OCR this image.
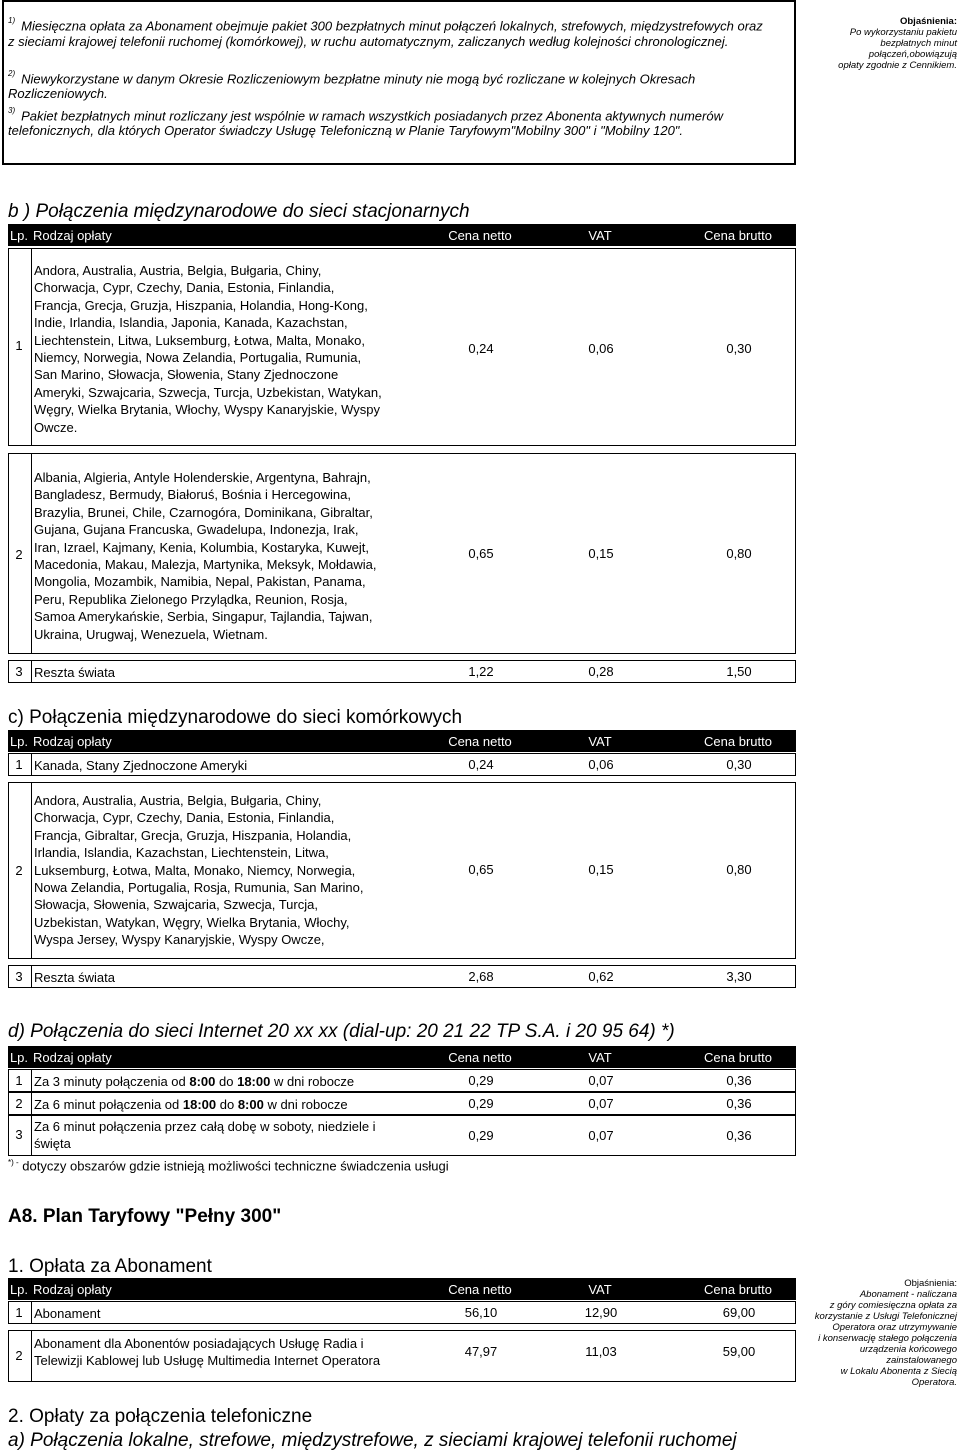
$^{1)}$ Miesięczna opłata za Abonament obejmuje pakiet 300 bezpłatnych minut połączeń lokalnych, strefowych, międzystrefowych oraz
z sieciami krajowej telefonii ruchomej (komórkowej), w ruchu automatycznym, zaliczanych według kolejności chronologicznej.
$^{2)}$ Niewykorzystane w danym Okresie Rozliczeniowym bezpłatne minuty nie mogą być rozliczane w kolejnych Okresach
Rozliczeniowych.
$^{3)}$ Pakiet bezpłatnych minut rozliczany jest wspólnie w ramach wszystkich posiadanych przez Abonenta aktywnych numerów
telefonicznych, dla których Operator świadczy Usługę Telefoniczną w Planie Taryfowym"Mobilny 300" i "Mobilny 120".
Objaśnienia:
Po wykorzystaniu pakietu
bezpłatnych minut
połączeń,obowiązują
opłaty zgodnie z Cennikiem.
b ) Połączenia międzynarodowe do sieci stacjonarnych
Lp. Rodzaj opłaty	Cena netto	VAT	Cena brutto
1
Andora, Australia, Austria, Belgia, Bułgaria, Chiny,
Chorwacja, Cypr, Czechy, Dania, Estonia, Finlandia,
Francja, Grecja, Gruzja, Hiszpania, Holandia, Hong-Kong,
Indie, Irlandia, Islandia, Japonia, Kanada, Kazachstan,
Liechtenstein, Litwa, Luksemburg, Łotwa, Malta, Monako,
Niemcy, Norwegia, Nowa Zelandia, Portugalia, Rumunia,
San Marino, Słowacja, Słowenia, Stany Zjednoczone
Ameryki, Szwajcaria, Szwecja, Turcja, Uzbekistan, Watykan,
Węgry, Wielka Brytania, Włochy, Wyspy Kanaryjskie, Wyspy
Owcze.
0,24	0,06	0,30
2
Albania, Algieria, Antyle Holenderskie, Argentyna, Bahrajn,
Bangladesz, Bermudy, Białoruś, Bośnia i Hercegowina,
Brazylia, Brunei, Chile, Czarnogóra, Dominikana, Gibraltar,
Gujana, Gujana Francuska, Gwadelupa, Indonezja, Irak,
Iran, Izrael, Kajmany, Kenia, Kolumbia, Kostaryka, Kuwejt,
Macedonia, Makau, Malezja, Martynika, Meksyk, Mołdawia,
Mongolia, Mozambik, Namibia, Nepal, Pakistan, Panama,
Peru, Republika Zielonego Przylądka, Reunion, Rosja,
Samoa Amerykańskie, Serbia, Singapur, Tajlandia, Tajwan,
Ukraina, Urugwaj, Wenezuela, Wietnam.
0,65	0,15	0,80
3 Reszta świata	1,22	0,28	1,50
c) Połączenia międzynarodowe do sieci komórkowych
Lp. Rodzaj opłaty	Cena netto	VAT	Cena brutto
1 Kanada, Stany Zjednoczone Ameryki	0,24	0,06	0,30
2
Andora, Australia, Austria, Belgia, Bułgaria, Chiny,
Chorwacja, Cypr, Czechy, Dania, Estonia, Finlandia,
Francja, Gibraltar, Grecja, Gruzja, Hiszpania, Holandia,
Irlandia, Islandia, Kazachstan, Liechtenstein, Litwa,
Luksemburg, Łotwa, Malta, Monako, Niemcy, Norwegia,
Nowa Zelandia, Portugalia, Rosja, Rumunia, San Marino,
Słowacja, Słowenia, Szwajcaria, Szwecja, Turcja,
Uzbekistan, Watykan, Węgry, Wielka Brytania, Włochy,
Wyspa Jersey, Wyspy Kanaryjskie, Wyspy Owcze,
0,65	0,15	0,80
3 Reszta świata	2,68	0,62	3,30
d) Połączenia do sieci Internet 20 xx xx (dial-up: 20 21 22 TP S.A. i 20 95 64) *)
Lp. Rodzaj opłaty	Cena netto	VAT	Cena brutto
1 Za 3 minuty połączenia od 8:00 do 18:00 w dni robocze	0,29	0,07	0,36
2 Za 6 minut połączenia od 18:00 do 8:00 w dni robocze	0,29	0,07	0,36
3
Za 6 minut połączenia przez całą dobę w soboty, niedziele i
święta
0,29	0,07	0,36
*) - dotyczy obszarów gdzie istnieją możliwości techniczne świadczenia usługi
A8. Plan Taryfowy "Pełny 300"
1. Opłata za Abonament
Lp. Rodzaj opłaty	Cena netto	VAT	Cena brutto
1 Abonament	56,10	12,90	69,00
2
Abonament dla Abonentów posiadających Usługę Radia i
Telewizji Kablowej lub Usługę Multimedia Internet Operatora
47,97	11,03	59,00
Objaśnienia:
Abonament - naliczana
z góry comiesięczna opłata za
korzystanie z Usługi Telefonicznej
Operatora oraz utrzymywanie
i konserwację stałego połączenia
urządzenia końcowego
zainstalowanego
w Lokalu Abonenta z Siecią
Operatora.
2. Opłaty za połączenia telefoniczne
a) Połączenia lokalne, strefowe, międzystrefowe, z sieciami krajowej telefonii ruchomej
